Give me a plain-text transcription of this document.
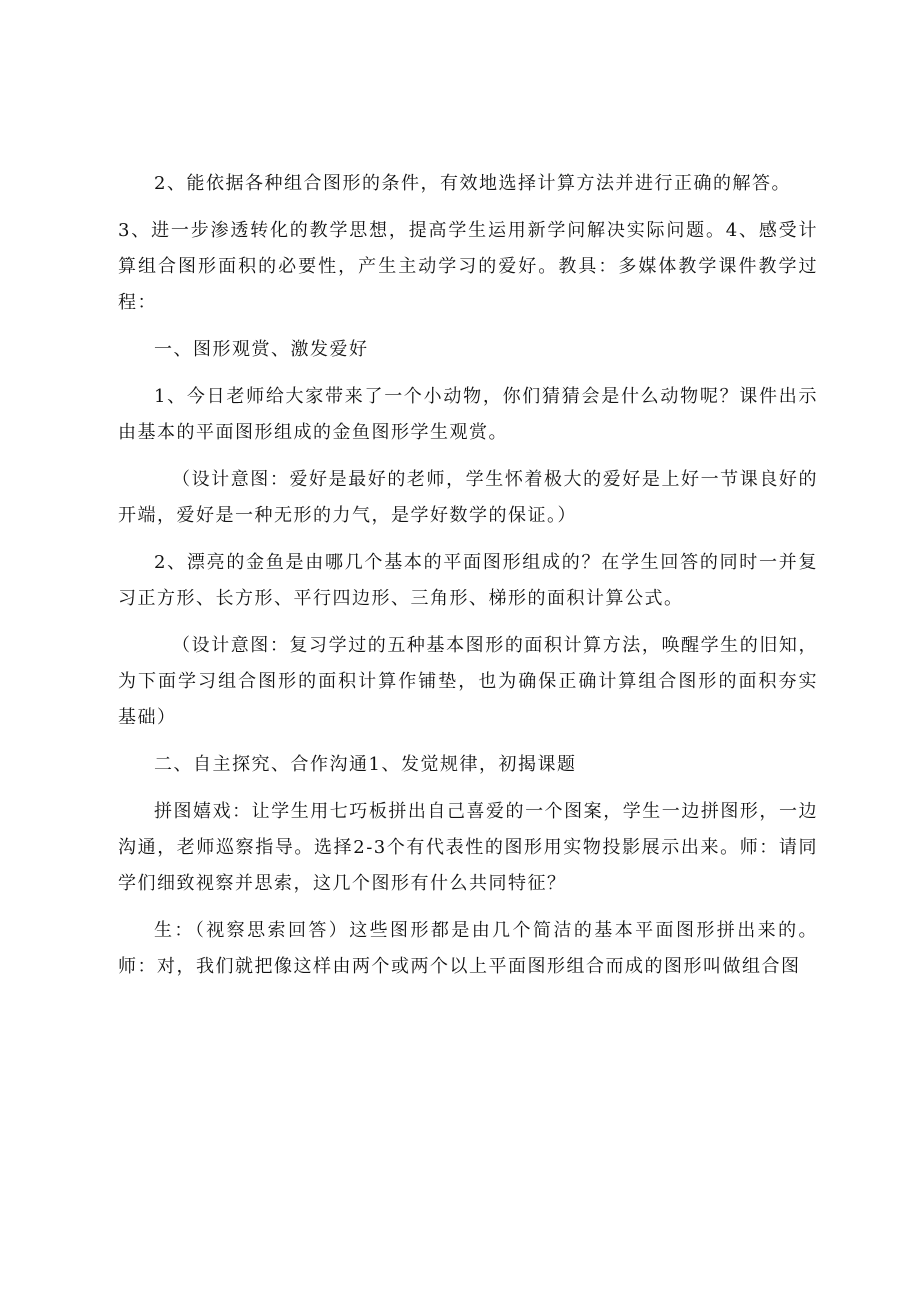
2、能依据各种组合图形的条件，有效地选择计算方法并进行正确的解答。

3、进一步渗透转化的教学思想，提高学生运用新学问解决实际问题。4、感受计算组合图形面积的必要性，产生主动学习的爱好。教具：多媒体教学课件教学过程：

一、图形观赏、激发爱好

1、今日老师给大家带来了一个小动物，你们猜猜会是什么动物呢？课件出示由基本的平面图形组成的金鱼图形学生观赏。

（设计意图：爱好是最好的老师，学生怀着极大的爱好是上好一节课良好的开端，爱好是一种无形的力气，是学好数学的保证。）

2、漂亮的金鱼是由哪几个基本的平面图形组成的？在学生回答的同时一并复习正方形、长方形、平行四边形、三角形、梯形的面积计算公式。

（设计意图：复习学过的五种基本图形的面积计算方法，唤醒学生的旧知，为下面学习组合图形的面积计算作铺垫，也为确保正确计算组合图形的面积夯实基础）

二、自主探究、合作沟通1、发觉规律，初揭课题

拼图嬉戏：让学生用七巧板拼出自己喜爱的一个图案，学生一边拼图形，一边沟通，老师巡察指导。选择2-3个有代表性的图形用实物投影展示出来。师：请同学们细致视察并思索，这几个图形有什么共同特征？

生：（视察思索回答）这些图形都是由几个简洁的基本平面图形拼出来的。师：对，我们就把像这样由两个或两个以上平面图形组合而成的图形叫做组合图
